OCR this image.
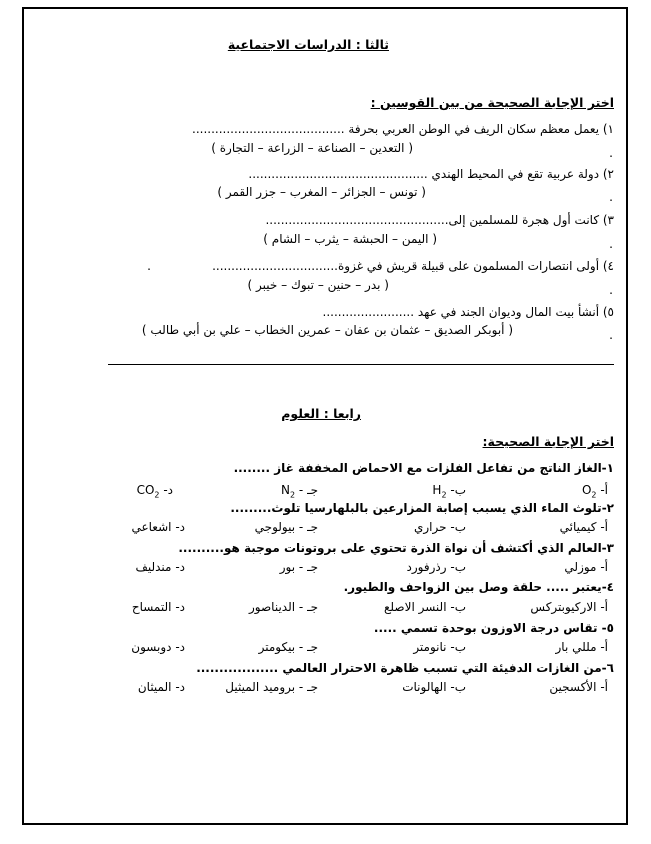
ثالثا : الدراسات الاجتماعية
اختر الإجابة الصحيحة من بين القوسين :
١) يعمل معظم سكان الريف في الوطن العربي بحرفة ........................................
( التعدين – الصناعة – الزراعة – التجارة )	.
٢) دولة عربية تقع في المحيط الهندي ...............................................
( تونس – الجزائر – المغرب – جزر القمر )	.
٣) كانت أول هجرة للمسلمين إلى................................................
( اليمن – الحبشة – يثرب – الشام )	.
٤) أولى انتصارات المسلمون على قبيلة قريش في غزوة.................................
.
( بدر – حنين – تبوك – خيبر )	.
٥) أنشأ بيت المال وديوان الجند في عهد ........................
( أبوبكر الصديق – عثمان بن عفان – عمرين الخطاب – علي بن أبي طالب )	.
رابعا : العلوم
اختر الإجابة الصحيحة:
١-الغاز الناتج من تفاعل الفلزات مع الاحماض المخففة غاز ........
أ- $O_2$
ب- $H_2$
جـ - $N_2$
د- $CO_2$
٢-تلوث الماء الذي يسبب إصابة المزارعين بالبلهارسيا تلوث.........
أ- كيميائي
ب- حراري
جـ - بيولوجي
د- اشعاعي
٣-العالم الذي أكتشف أن نواة الذرة تحتوي على بروتونات موجبة هو..........
أ- موزلي
ب- رذرفورد
جـ - بور
د- مندليف
٤-يعتبر ..... حلقة وصل بين الزواحف والطيور.
أ- الاركيوبتركس
ب- النسر الاصلع
جـ - الديناصور
د- التمساح
٥- تقاس درجة الاوزون بوحدة تسمي .....
أ- مللي بار
ب- نانومتر
جـ - بيكومتر
د- دوبسون
٦-من الغازات الدفيئة التي تسبب ظاهرة الاحترار العالمي ..................
أ- الأكسجين
ب- الهالونات
جـ - بروميد الميثيل
د- الميثان
